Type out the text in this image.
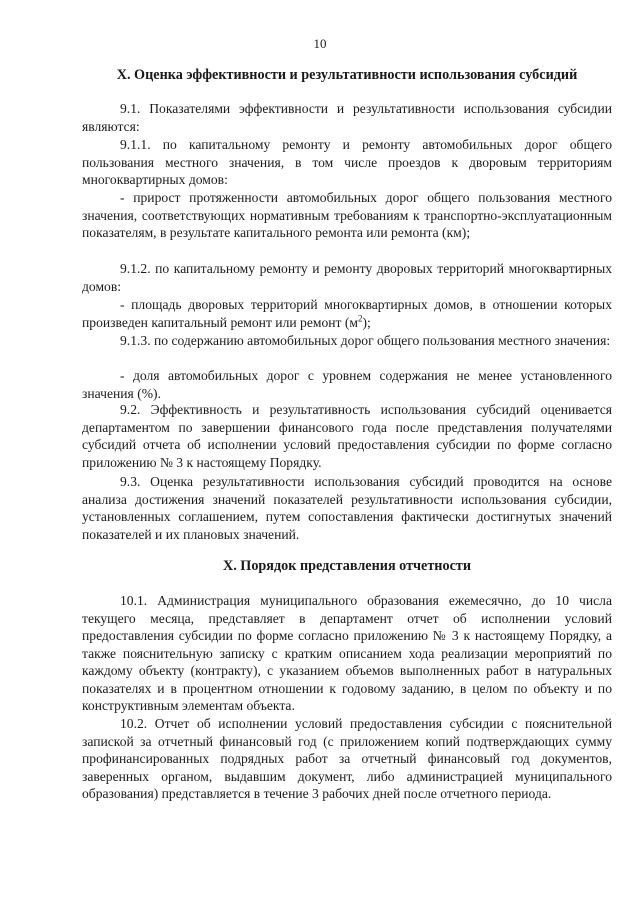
10
X. Оценка эффективности и результативности использования субсидий

9.1. Показателями эффективности и результативности использования субсидии являются:

9.1.1. по капитальному ремонту и ремонту автомобильных дорог общего пользования местного значения, в том числе проездов к дворовым территориям многоквартирных домов:

- прирост протяженности автомобильных дорог общего пользования местного значения, соответствующих нормативным требованиям к транспортно-эксплуатационным показателям, в результате капитального ремонта или ремонта (км);

9.1.2. по капитальному ремонту и ремонту дворовых территорий многоквартирных домов:

- площадь дворовых территорий многоквартирных домов, в отношении которых произведен капитальный ремонт или ремонт $(м^2)$;

9.1.3. по содержанию автомобильных дорог общего пользования местного значения:

- доля автомобильных дорог с уровнем содержания не менее установленного значения (%).

9.2. Эффективность и результативность использования субсидий оценивается департаментом по завершении финансового года после представления получателями субсидий отчета об исполнении условий предоставления субсидии по форме согласно приложению № 3 к настоящему Порядку.

9.3. Оценка результативности использования субсидий проводится на основе анализа достижения значений показателей результативности использования субсидии, установленных соглашением, путем сопоставления фактически достигнутых значений показателей и их плановых значений.

X. Порядок представления отчетности

10.1. Администрация муниципального образования ежемесячно, до 10 числа текущего месяца, представляет в департамент отчет об исполнении условий предоставления субсидии по форме согласно приложению № 3 к настоящему Порядку, а также пояснительную записку с кратким описанием хода реализации мероприятий по каждому объекту (контракту), с указанием объемов выполненных работ в натуральных показателях и в процентном отношении к годовому заданию, в целом по объекту и по конструктивным элементам объекта.

10.2. Отчет об исполнении условий предоставления субсидии с пояснительной запиской за отчетный финансовый год (с приложением копий подтверждающих сумму профинансированных подрядных работ за отчетный финансовый год документов, заверенных органом, выдавшим документ, либо администрацией муниципального образования) представляется в течение 3 рабочих дней после отчетного периода.
